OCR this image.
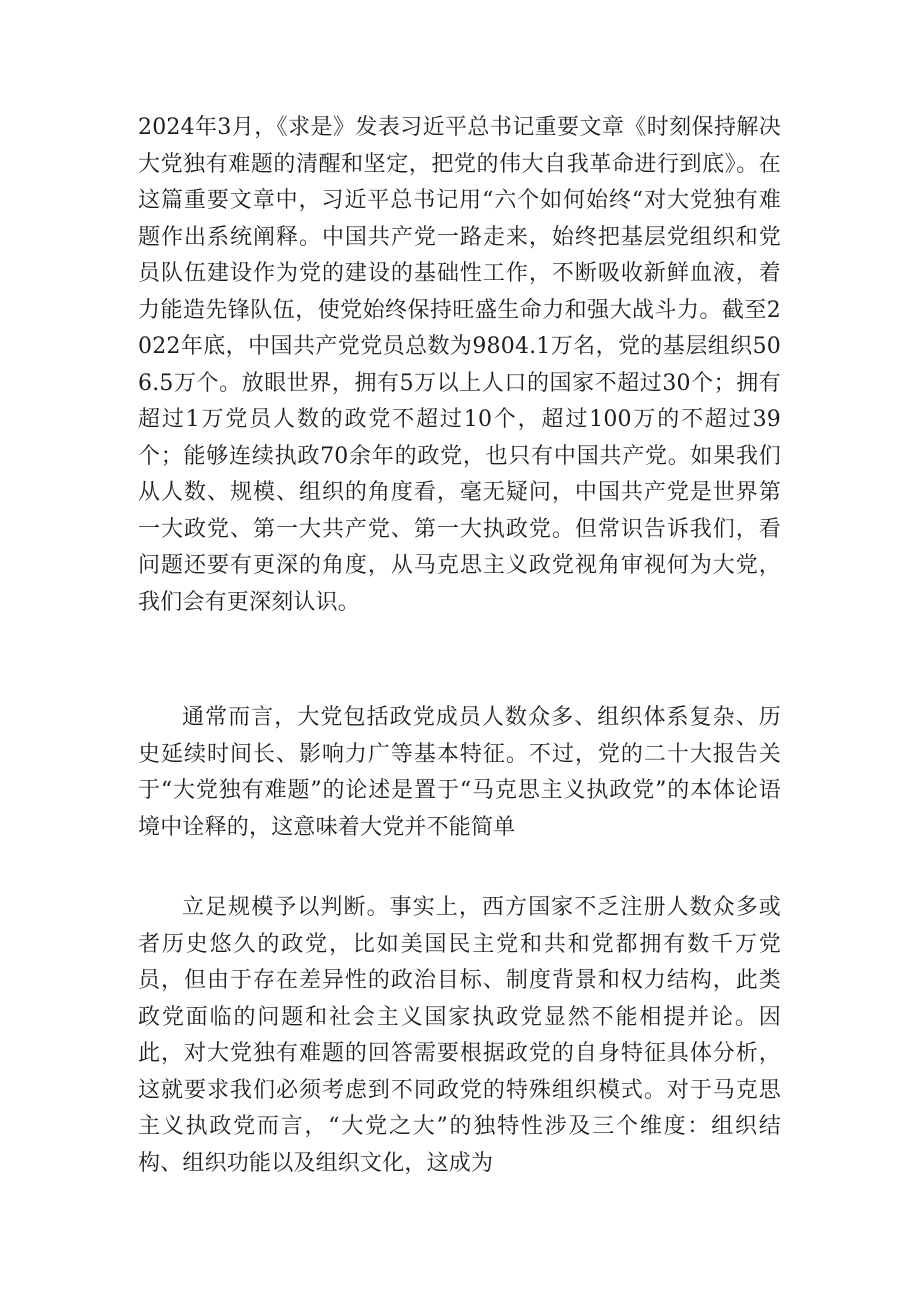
2024年3月，《求是》发表习近平总书记重要文章《时刻保持解决大党独有难题的清醒和坚定，把党的伟大自我革命进行到底》。在这篇重要文章中，习近平总书记用“六个如何始终“对大党独有难题作出系统阐释。中国共产党一路走来，始终把基层党组织和党员队伍建设作为党的建设的基础性工作，不断吸收新鲜血液，着力能造先锋队伍，使党始终保持旺盛生命力和强大战斗力。截至2022年底，中国共产党党员总数为9804.1万名，党的基层组织506.5万个。放眼世界，拥有5万以上人口的国家不超过30个；拥有超过1万党员人数的政党不超过10个，超过100万的不超过39个；能够连续执政70余年的政党，也只有中国共产党。如果我们从人数、规模、组织的角度看，毫无疑问，中国共产党是世界第一大政党、第一大共产党、第一大执政党。但常识告诉我们，看问题还要有更深的角度，从马克思主义政党视角审视何为大党，我们会有更深刻认识。

通常而言，大党包括政党成员人数众多、组织体系复杂、历史延续时间长、影响力广等基本特征。不过，党的二十大报告关于“大党独有难题”的论述是置于“马克思主义执政党”的本体论语境中诠释的，这意味着大党并不能简单

立足规模予以判断。事实上，西方国家不乏注册人数众多或者历史悠久的政党，比如美国民主党和共和党都拥有数千万党员，但由于存在差异性的政治目标、制度背景和权力结构，此类政党面临的问题和社会主义国家执政党显然不能相提并论。因此，对大党独有难题的回答需要根据政党的自身特征具体分析，这就要求我们必须考虑到不同政党的特殊组织模式。对于马克思主义执政党而言，“大党之大”的独特性涉及三个维度：组织结构、组织功能以及组织文化，这成为
